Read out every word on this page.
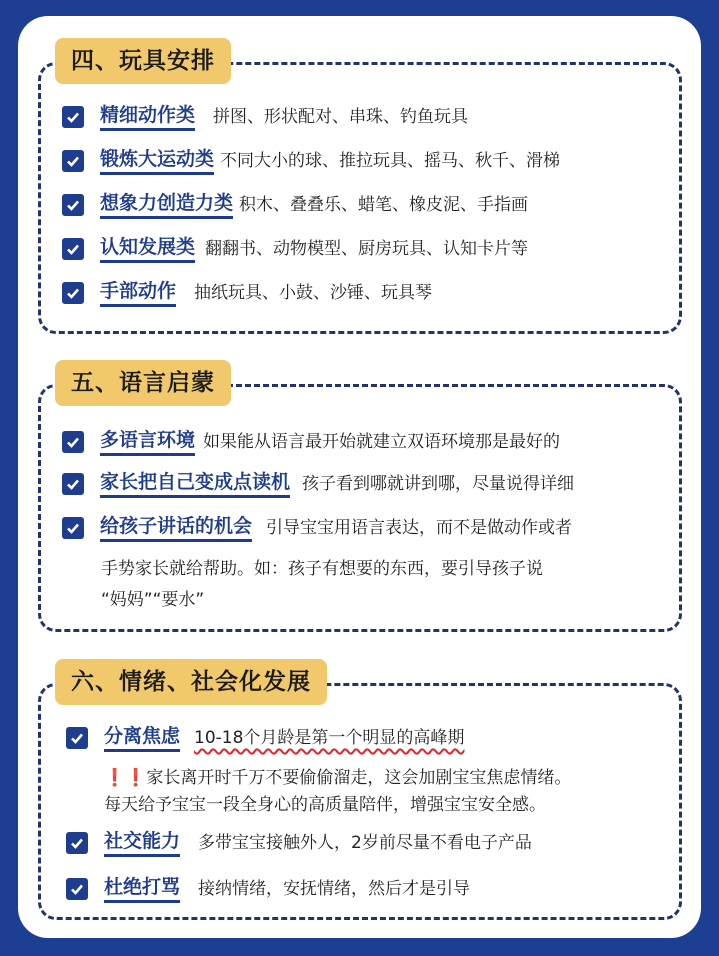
四、玩具安排
精细动作类 拼图、形状配对、串珠、钓鱼玩具
锻炼大运动类 不同大小的球、推拉玩具、摇马、秋千、滑梯
想象力创造力类 积木、叠叠乐、蜡笔、橡皮泥、手指画
认知发展类 翻翻书、动物模型、厨房玩具、认知卡片等
手部动作 抽纸玩具、小鼓、沙锤、玩具琴
五、语言启蒙
多语言环境 如果能从语言最开始就建立双语环境那是最好的
家长把自己变成点读机 孩子看到哪就讲到哪，尽量说得详细
给孩子讲话的机会 引导宝宝用语言表达，而不是做动作或者
手势家长就给帮助。如：孩子有想要的东西，要引导孩子说
“妈妈”“要水”
六、情绪、社会化发展
分离焦虑 10-18个月龄是第一个明显的高峰期
❗❗家长离开时千万不要偷偷溜走，这会加剧宝宝焦虑情绪。
每天给予宝宝一段全身心的高质量陪伴，增强宝宝安全感。
社交能力 多带宝宝接触外人，2岁前尽量不看电子产品
杜绝打骂 接纳情绪，安抚情绪，然后才是引导
